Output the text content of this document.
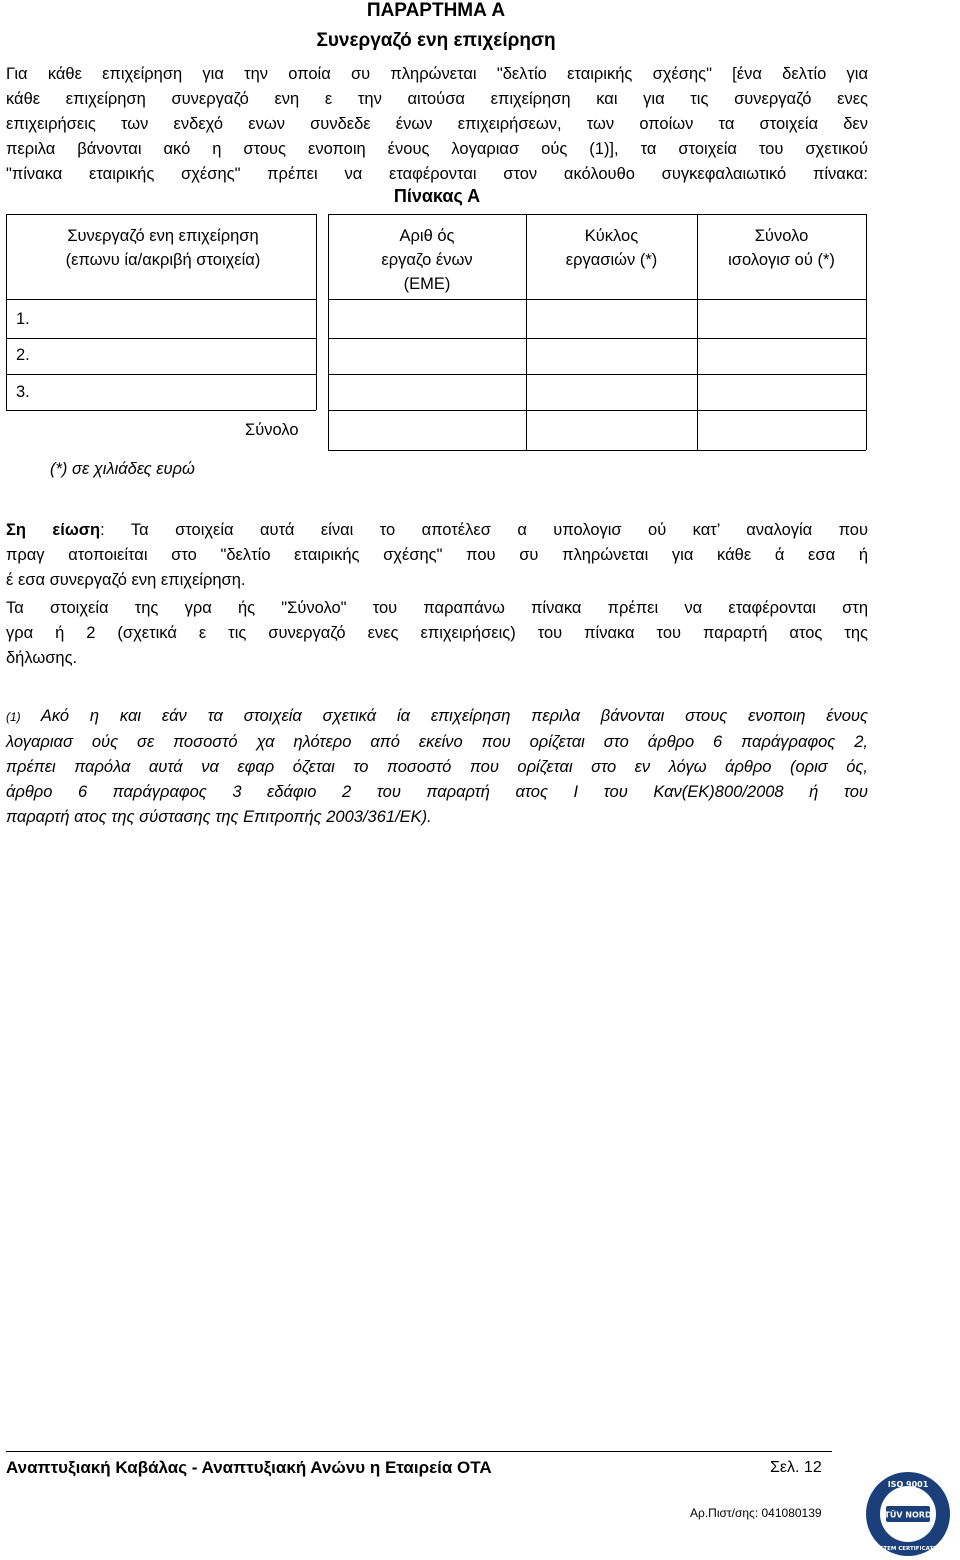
ΠΑΡΑΡΤΗΜΑ Α
Συνεργαζό ενη επιχείρηση
Για κάθε επιχείρηση για την οποία συ πληρώνεται "δελτίο εταιρικής σχέσης" [ένα δελτίο για
κάθε επιχείρηση συνεργαζό ενη ε την αιτούσα επιχείρηση και για τις συνεργαζό ενες
επιχειρήσεις των ενδεχό ενων συνδεδε ένων επιχειρήσεων, των οποίων τα στοιχεία δεν
περιλα βάνονται ακό η στους ενοποιη ένους λογαριασ ούς (1)], τα στοιχεία του σχετικού
"πίνακα εταιρικής σχέσης" πρέπει να εταφέρονται στον ακόλουθο συγκεφαλαιωτικό πίνακα:
Πίνακας Α
Συνεργαζό ενη επιχείρηση
(επωνυ ία/ακριβή στοιχεία)
Αριθ ός
εργαζο ένων
(ΕΜΕ)
Κύκλος
εργασιών (*)
Σύνολο
ισολογισ ού (*)
1.
2.
3.
Σύνολο
(*) σε χιλιάδες ευρώ
Ση είωση: Τα στοιχεία αυτά είναι το αποτέλεσ α υπολογισ ού κατ’ αναλογία που
πραγ ατοποιείται στο "δελτίο εταιρικής σχέσης" που συ πληρώνεται για κάθε ά εσα ή
έ εσα συνεργαζό ενη επιχείρηση.
Τα στοιχεία της γρα ής "Σύνολο" του παραπάνω πίνακα πρέπει να εταφέρονται στη
γρα ή 2 (σχετικά ε τις συνεργαζό ενες επιχειρήσεις) του πίνακα του παραρτή ατος της
δήλωσης.
(1) Ακό η και εάν τα στοιχεία σχετικά ία επιχείρηση περιλα βάνονται στους ενοποιη ένους
λογαριασ ούς σε ποσοστό χα ηλότερο από εκείνο που ορίζεται στο άρθρο 6 παράγραφος 2,
πρέπει παρόλα αυτά να εφαρ όζεται το ποσοστό που ορίζεται στο εν λόγω άρθρο (ορισ ός,
άρθρο 6 παράγραφος 3 εδάφιο 2 του παραρτή ατος Ι του Καν(ΕΚ)800/2008 ή του
παραρτή ατος της σύστασης της Επιτροπής 2003/361/ΕΚ).
Αναπτυξιακή Καβάλας - Αναπτυξιακή Ανώνυ η Εταιρεία ΟΤΑ	Σελ. 12
Αρ.Πιστ/σης: 041080139	TÜV NORD
ISO 9001
SYSTEM CERTIFICATION
